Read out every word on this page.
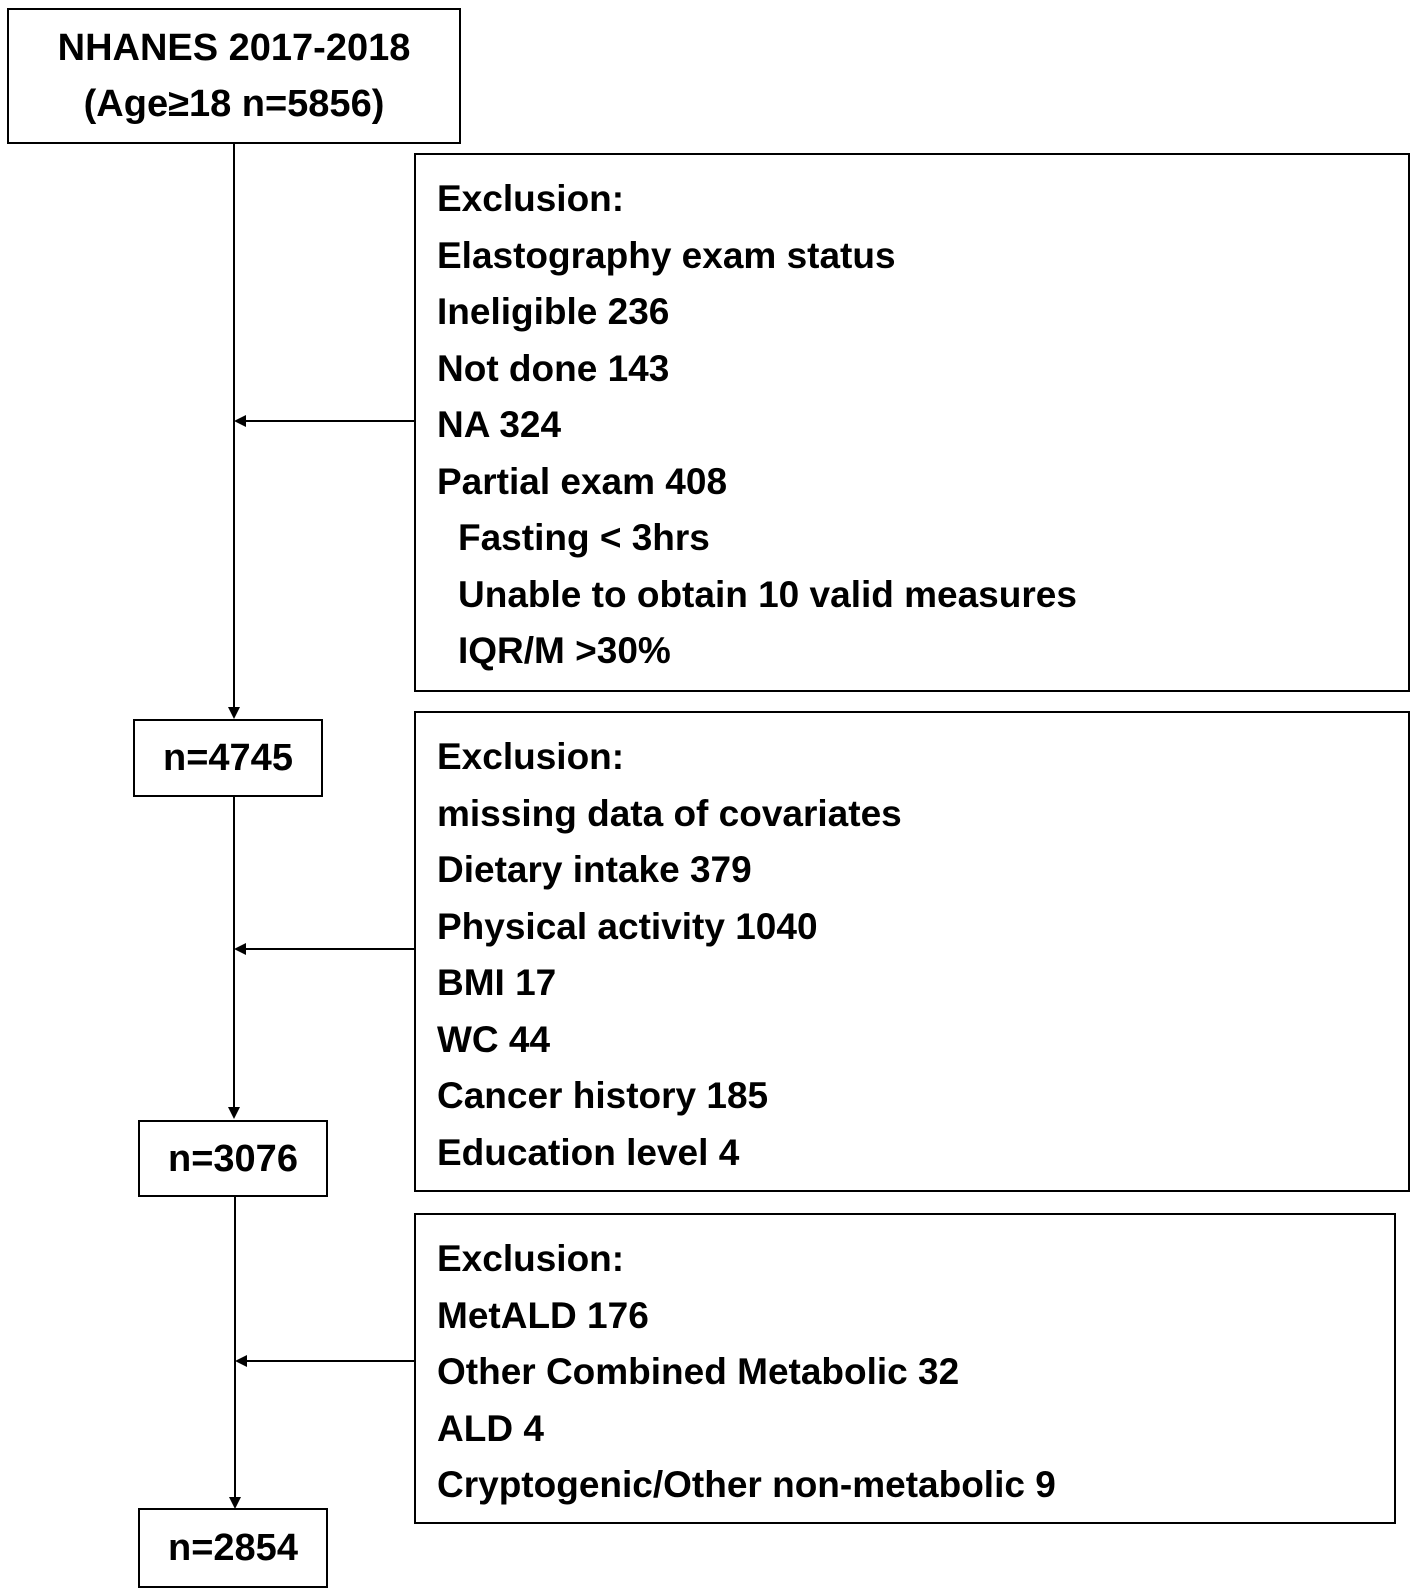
NHANES 2017-2018
(Age≥18 n=5856)
n=4745
n=3076
n=2854
Exclusion:
Elastography exam status
Ineligible 236
Not done 143
NA 324
Partial exam 408
Fasting < 3hrs
Unable to obtain 10 valid measures
IQR/M >30%
Exclusion:
missing data of covariates
Dietary intake 379
Physical activity 1040
BMI 17
WC 44
Cancer history 185
Education level 4
Exclusion:
MetALD 176
Other Combined Metabolic 32
ALD 4
Cryptogenic/Other non-metabolic 9
